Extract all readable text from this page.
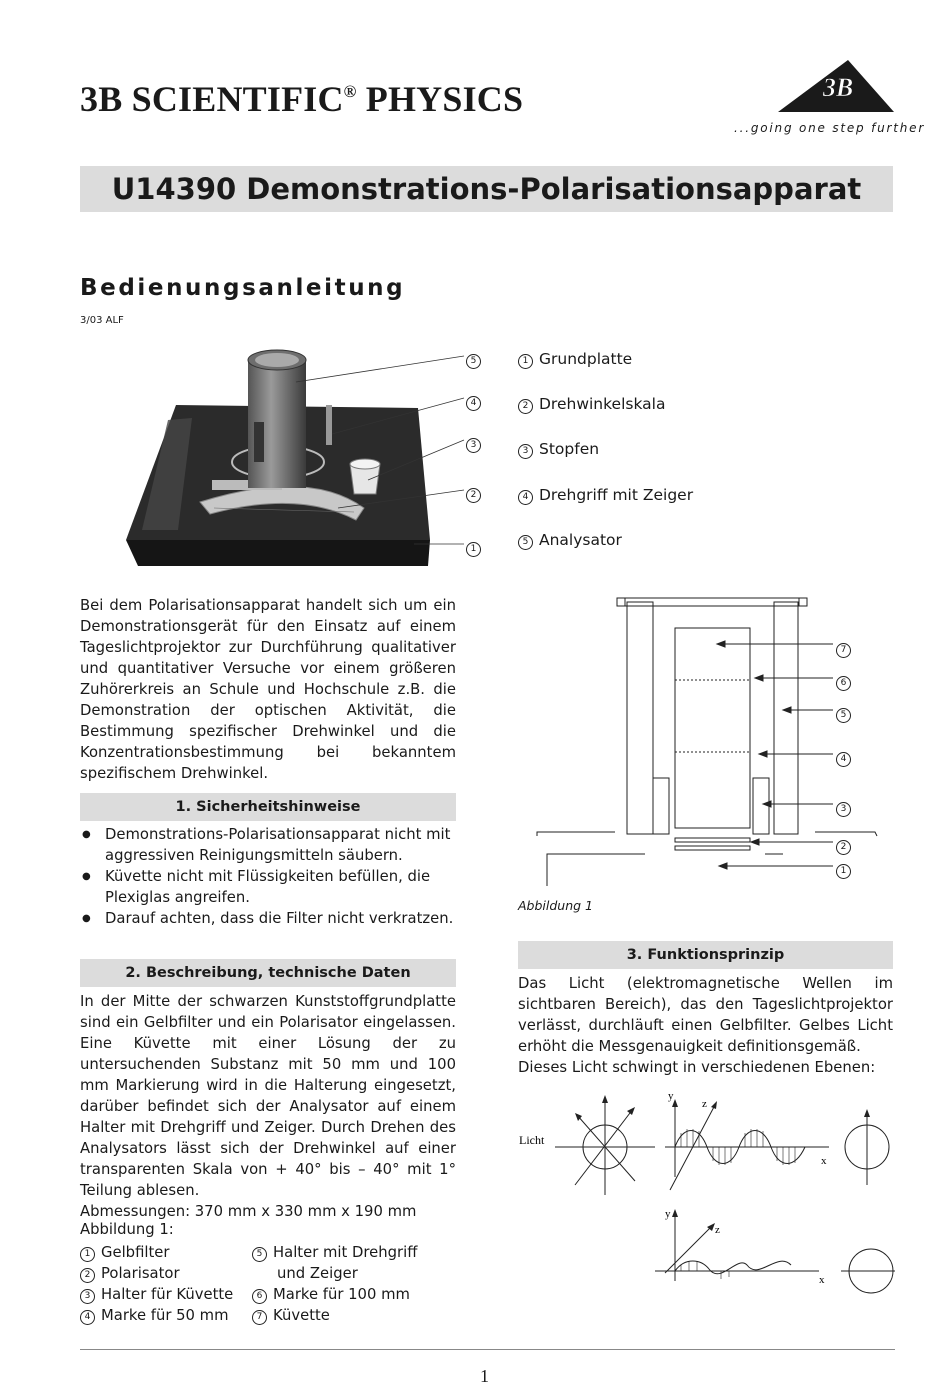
3B SCIENTIFIC® PHYSICS	3B
...going one step further
U14390 Demonstrations-Polarisationsapparat
Bedienungsanleitung
3/03 ALF
5
4
3
2
1
1 Grundplatte
2 Drehwinkelskala
3 Stopfen
4 Drehgriff mit Zeiger
5 Analysator
Bei dem Polarisationsapparat handelt sich um ein Demonstrationsgerät für den Einsatz auf einem Tageslichtprojektor zur Durchführung qualitativer und quantitativer Versuche vor einem größeren Zuhörerkreis an Schule und Hochschule z.B. die Demonstration der optischen Aktivität, die Bestimmung spezifischer Drehwinkel und die Konzentrationsbestimmung bei bekanntem spezifischem Drehwinkel.
1. Sicherheitshinweise
● Demonstrations-Polarisationsapparat nicht mit aggressiven Reinigungsmitteln säubern.
● Küvette nicht mit Flüssigkeiten befüllen, die Plexiglas angreifen.
● Darauf achten, dass die Filter nicht verkratzen.
2. Beschreibung, technische Daten
In der Mitte der schwarzen Kunststoffgrundplatte sind ein Gelbfilter und ein Polarisator eingelassen. Eine Küvette mit einer Lösung der zu untersuchenden Substanz mit 50 mm und 100 mm Markierung wird in die Halterung eingesetzt, darüber befindet sich der Analysator auf einem Halter mit Drehgriff und Zeiger. Durch Drehen des Analysators lässt sich der Drehwinkel auf einer transparenten Skala von + 40° bis – 40° mit 1° Teilung ablesen.
Abmessungen: 370 mm x 330 mm x 190 mm
Abbildung 1:
1 Gelbfilter	5 Halter mit Drehgriff
2 Polarisator	und Zeiger
3 Halter für Küvette	6 Marke für 100 mm
4 Marke für 50 mm	7 Küvette
7
6
5
4
3
2
1
Abbildung 1
3. Funktionsprinzip
Das Licht (elektromagnetische Wellen im sichtbaren Bereich), das den Tageslichtprojektor verlässt, durchläuft einen Gelbfilter. Gelbes Licht erhöht die Messgenauigkeit definitionsgemäß.

Dieses Licht schwingt in verschiedenen Ebenen:
Licht
y
z
x
y
z
x
1
